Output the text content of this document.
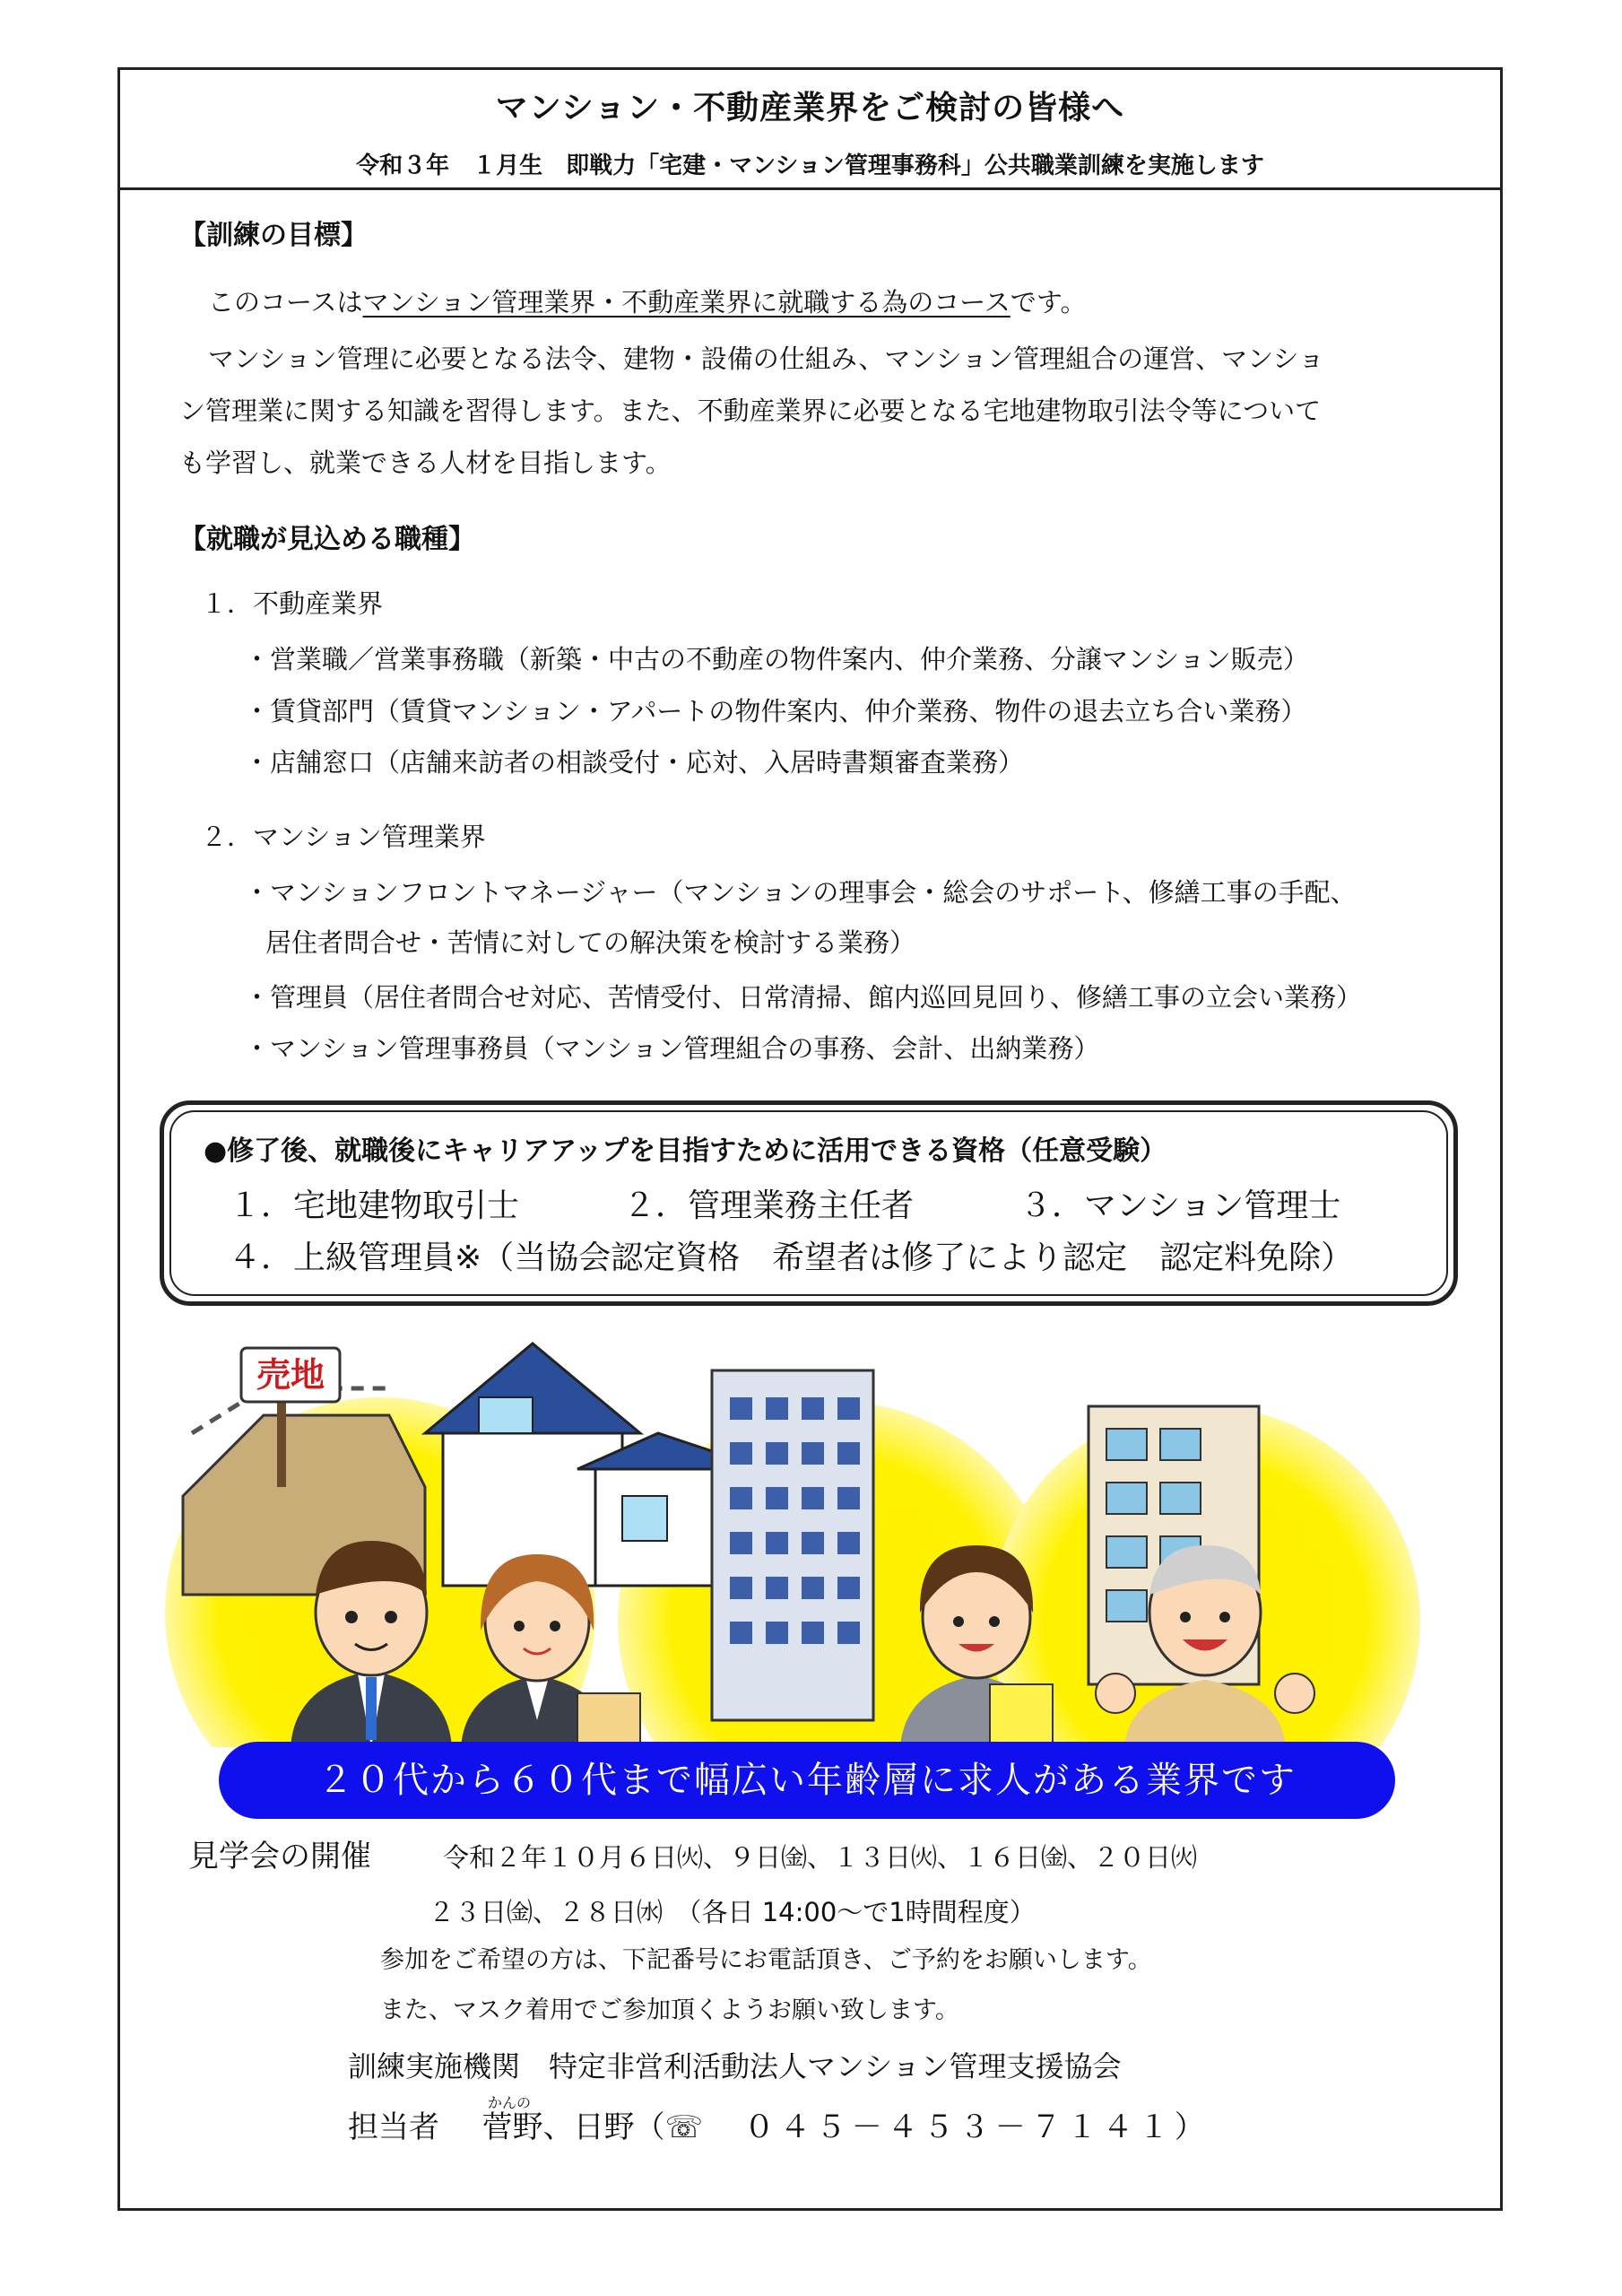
マンション・不動産業界をご検討の皆様へ
令和３年　１月生　即戦力「宅建・マンション管理事務科」公共職業訓練を実施します
【訓練の目標】
このコースはマンション管理業界・不動産業界に就職する為のコースです。
マンション管理に必要となる法令、建物・設備の仕組み、マンション管理組合の運営、マンショ
ン管理業に関する知識を習得します。また、不動産業界に必要となる宅地建物取引法令等について
も学習し、就業できる人材を目指します。
【就職が見込める職種】
１．不動産業界
・営業職／営業事務職（新築・中古の不動産の物件案内、仲介業務、分譲マンション販売）
・賃貸部門（賃貸マンション・アパートの物件案内、仲介業務、物件の退去立ち合い業務）
・店舗窓口（店舗来訪者の相談受付・応対、入居時書類審査業務）
２．マンション管理業界
・マンションフロントマネージャー（マンションの理事会・総会のサポート、修繕工事の手配、
居住者問合せ・苦情に対しての解決策を検討する業務）
・管理員（居住者問合せ対応、苦情受付、日常清掃、館内巡回見回り、修繕工事の立会い業務）
・マンション管理事務員（マンション管理組合の事務、会計、出納業務）
●修了後、就職後にキャリアアップを目指すために活用できる資格（任意受験）
１．宅地建物取引士	２．管理業務主任者	３．マンション管理士
４．上級管理員※（当協会認定資格　希望者は修了により認定　認定料免除）
売地
２０代から６０代まで幅広い年齢層に求人がある業界です
見学会の開催	令和２年１０月６日㈫、９日㈮、１３日㈫、１６日㈮、２０日㈫
２３日㈮、２８日㈬　（各日 14:00～で1時間程度）
参加をご希望の方は、下記番号にお電話頂き、ご予約をお願いします。
また、マスク着用でご参加頂くようお願い致します。
訓練実施機関　特定非営利活動法人マンション管理支援協会
かんの
担当者 菅野、日野（☏ ０４５－４５３－７１４１）
